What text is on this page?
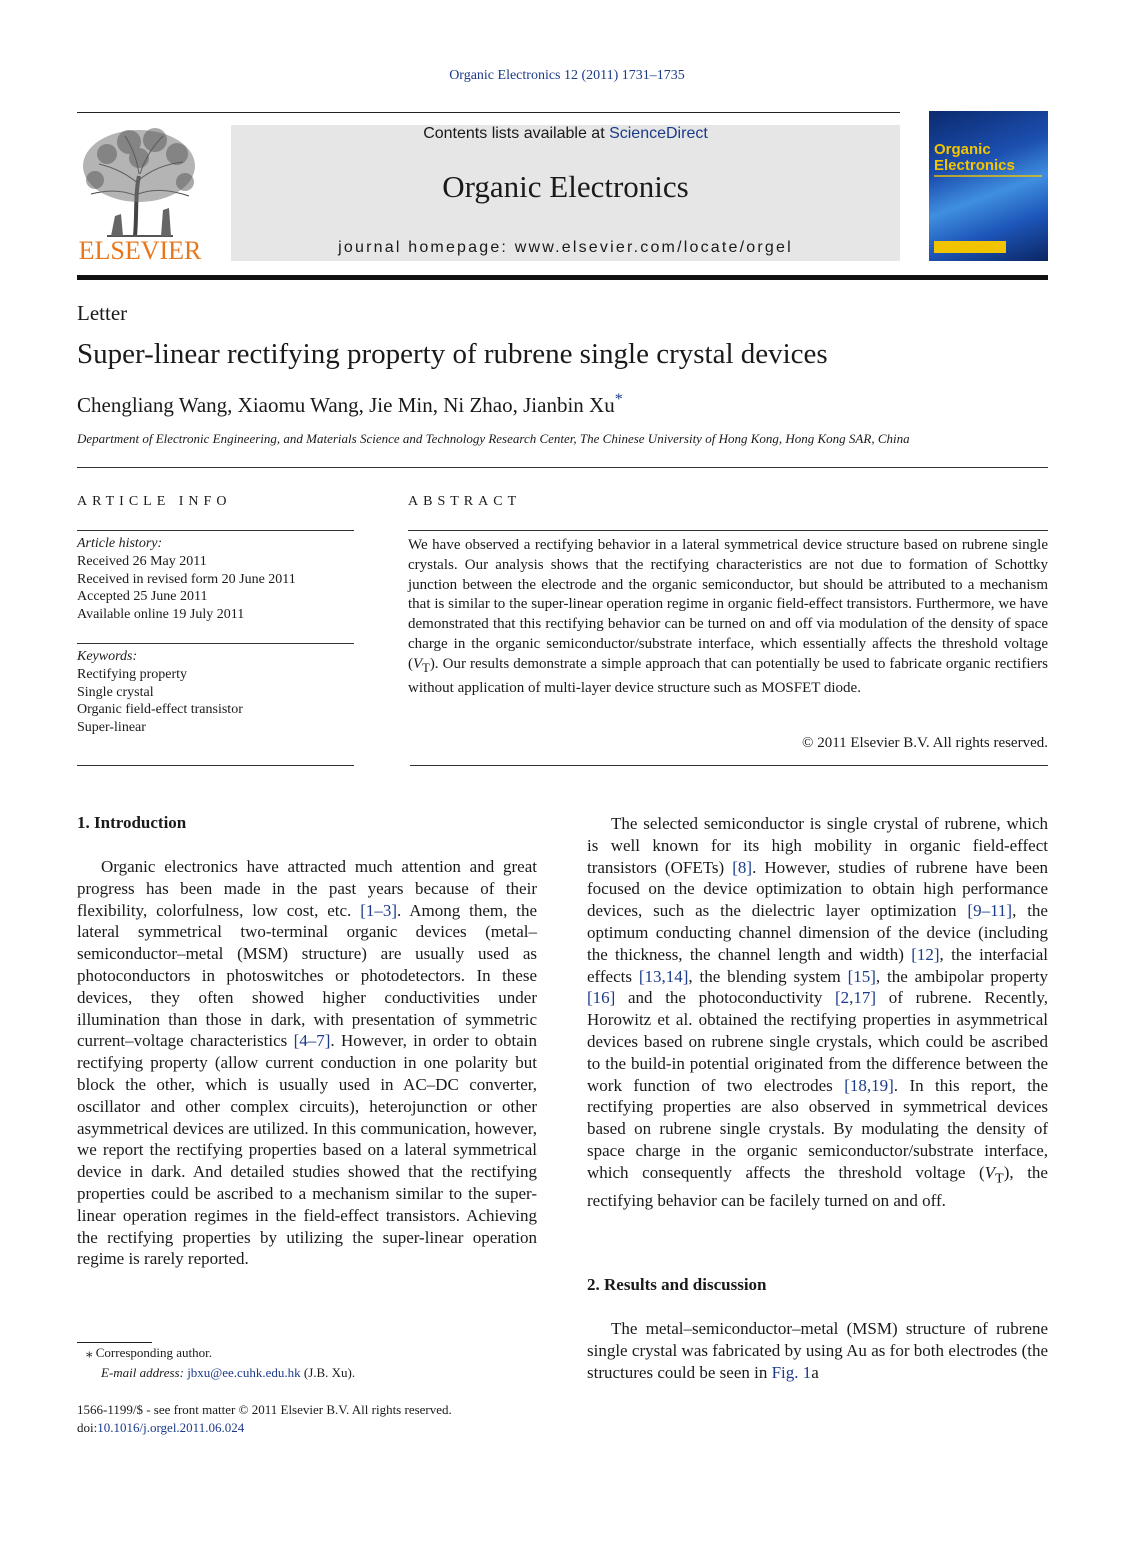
Organic Electronics 12 (2011) 1731–1735
ELSEVIER
Contents lists available at ScienceDirect
Organic Electronics
journal homepage: www.elsevier.com/locate/orgel
Organic
Electronics
Letter
Super-linear rectifying property of rubrene single crystal devices
Chengliang Wang, Xiaomu Wang, Jie Min, Ni Zhao, Jianbin Xu*
Department of Electronic Engineering, and Materials Science and Technology Research Center, The Chinese University of Hong Kong, Hong Kong SAR, China
ARTICLE INFO	ABSTRACT
Article history:
Received 26 May 2011
Received in revised form 20 June 2011
Accepted 25 June 2011
Available online 19 July 2011
Keywords:
Rectifying property
Single crystal
Organic field-effect transistor
Super-linear
We have observed a rectifying behavior in a lateral symmetrical device structure based on rubrene single crystals. Our analysis shows that the rectifying characteristics are not due to formation of Schottky junction between the electrode and the organic semiconductor, but should be attributed to a mechanism that is similar to the super-linear operation regime in organic field-effect transistors. Furthermore, we have demonstrated that this rectifying behavior can be turned on and off via modulation of the density of space charge in the organic semiconductor/substrate interface, which essentially affects the threshold voltage $(V_T)$. Our results demonstrate a simple approach that can potentially be used to fabricate organic rectifiers without application of multi-layer device structure such as MOSFET diode.
© 2011 Elsevier B.V. All rights reserved.
1. Introduction

Organic electronics have attracted much attention and great progress has been made in the past years because of their flexibility, colorfulness, low cost, etc. [1–3]. Among them, the lateral symmetrical two-terminal organic devices (metal–semiconductor–metal (MSM) structure) are usually used as photoconductors in photoswitches or photodetectors. In these devices, they often showed higher conductivities under illumination than those in dark, with presentation of symmetric current–voltage characteristics [4–7]. However, in order to obtain rectifying property (allow current conduction in one polarity but block the other, which is usually used in AC–DC converter, oscillator and other complex circuits), heterojunction or other asymmetrical devices are utilized. In this communication, however, we report the rectifying properties based on a lateral symmetrical device in dark. And detailed studies showed that the rectifying properties could be ascribed to a mechanism similar to the super-linear operation regimes in the field-effect transistors. Achieving the rectifying properties by utilizing the super-linear operation regime is rarely reported.

The selected semiconductor is single crystal of rubrene, which is well known for its high mobility in organic field-effect transistors (OFETs) [8]. However, studies of rubrene have been focused on the device optimization to obtain high performance devices, such as the dielectric layer optimization [9–11], the optimum conducting channel dimension of the device (including the thickness, the channel length and width) [12], the interfacial effects [13,14], the blending system [15], the ambipolar property [16] and the photoconductivity [2,17] of rubrene. Recently, Horowitz et al. obtained the rectifying properties in asymmetrical devices based on rubrene single crystals, which could be ascribed to the build-in potential originated from the difference between the work function of two electrodes [18,19]. In this report, the rectifying properties are also observed in symmetrical devices based on rubrene single crystals. By modulating the density of space charge in the organic semiconductor/substrate interface, which consequently affects the threshold voltage $(V_T)$, the rectifying behavior can be facilely turned on and off.

2. Results and discussion

The metal–semiconductor–metal (MSM) structure of rubrene single crystal was fabricated by using Au as for both electrodes (the structures could be seen in Fig. 1a

⁎ Corresponding author.
E-mail address: jbxu@ee.cuhk.edu.hk (J.B. Xu).
1566-1199/$ - see front matter © 2011 Elsevier B.V. All rights reserved.
doi:10.1016/j.orgel.2011.06.024
